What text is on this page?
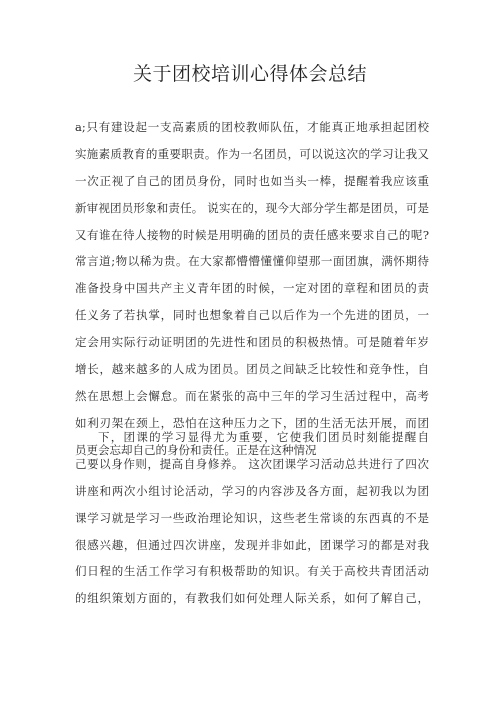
关于团校培训心得体会总结
a;只有建设起一支高素质的团校教师队伍，才能真正地承担起团校
实施素质教育的重要职责。作为一名团员，可以说这次的学习让我又
一次正视了自己的团员身份，同时也如当头一棒，提醒着我应该重
新审视团员形象和责任。 说实在的，现今大部分学生都是团员，可是
又有谁在待人接物的时候是用明确的团员的责任感来要求自己的呢?
常言道;物以稀为贵。在大家都懵懵懂懂仰望那一面团旗，满怀期待
准备投身中国共产主义青年团的时候，一定对团的章程和团员的责
任义务了若执掌，同时也想象着自己以后作为一个先进的团员，一
定会用实际行动证明团的先进性和团员的积极热情。可是随着年岁
增长，越来越多的人成为团员。团员之间缺乏比较性和竞争性，自
然在思想上会懈怠。而在紧张的高中三年的学习生活过程中，高考
如利刃架在颈上，恐怕在这种压力之下，团的生活无法开展，而团
员更会忘却自己的身份和责任。正是在这种情况
下，团课的学习显得尤为重要，它使我们团员时刻能提醒自
己要以身作则，提高自身修养。 这次团课学习活动总共进行了四次
讲座和两次小组讨论活动，学习的内容涉及各方面，起初我以为团
课学习就是学习一些政治理论知识，这些老生常谈的东西真的不是
很感兴趣，但通过四次讲座，发现并非如此，团课学习的都是对我
们日程的生活工作学习有积极帮助的知识。有关于高校共青团活动
的组织策划方面的，有教我们如何处理人际关系，如何了解自己，
